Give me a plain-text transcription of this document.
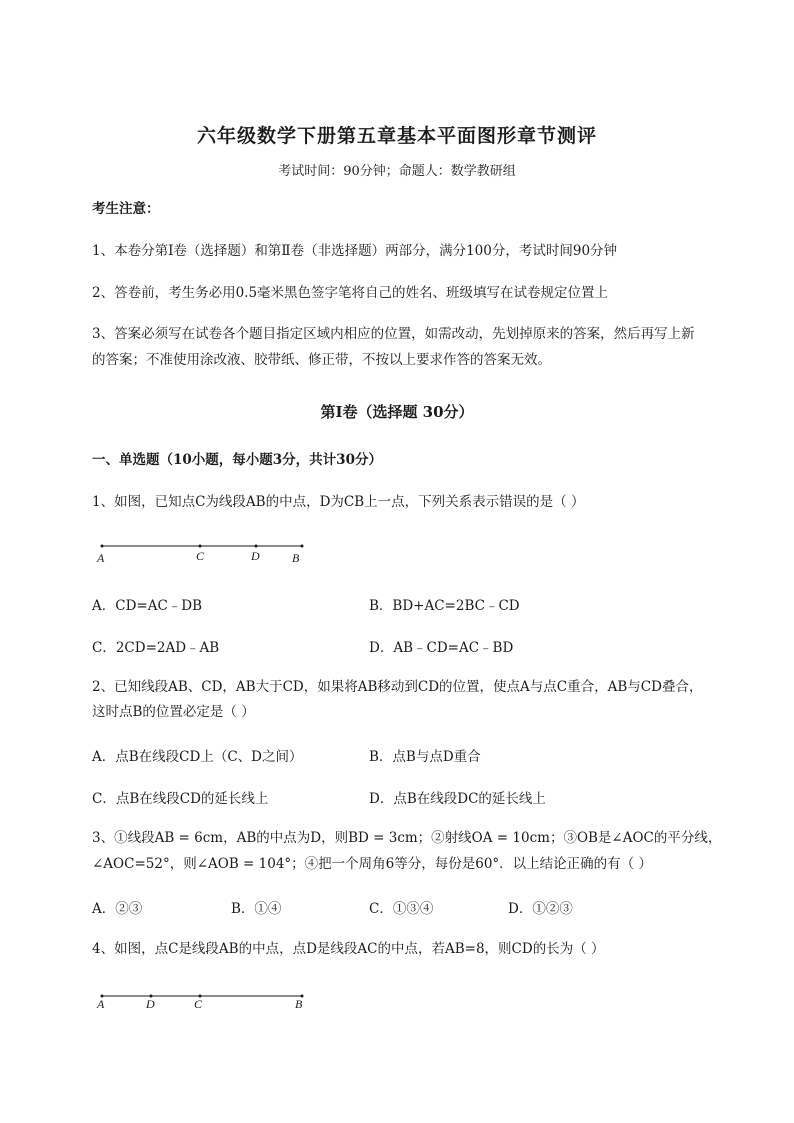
六年级数学下册第五章基本平面图形章节测评
考试时间：90分钟；命题人：数学教研组
考生注意：
1、本卷分第I卷（选择题）和第Ⅱ卷（非选择题）两部分，满分100分，考试时间90分钟
2、答卷前，考生务必用0.5毫米黑色签字笔将自己的姓名、班级填写在试卷规定位置上
3、答案必须写在试卷各个题目指定区域内相应的位置，如需改动，先划掉原来的答案，然后再写上新
的答案；不准使用涂改液、胶带纸、修正带，不按以上要求作答的答案无效。
第I卷（选择题 30分）
一、单选题（10小题，每小题3分，共计30分）
1、如图，已知点C为线段AB的中点，D为CB上一点，下列关系表示错误的是（ ）
A	C	D	B
A．CD=AC﹣DB	B．BD+AC=2BC﹣CD
C．2CD=2AD﹣AB	D．AB﹣CD=AC﹣BD
2、已知线段AB、CD，AB大于CD，如果将AB移动到CD的位置，使点A与点C重合，AB与CD叠合，
这时点B的位置必定是（ ）
A．点B在线段CD上（C、D之间）	B．点B与点D重合
C．点B在线段CD的延长线上	D．点B在线段DC的延长线上
3、①线段AB = 6cm，AB的中点为D，则BD = 3cm；②射线OA = 10cm；③OB是∠AOC的平分线，
∠AOC=52°，则∠AOB = 104°；④把一个周角6等分，每份是60°．以上结论正确的有（ ）
A．②③	B．①④	C．①③④	D．①②③
4、如图，点C是线段AB的中点，点D是线段AC的中点，若AB=8，则CD的长为（ ）
A	D	C	B
